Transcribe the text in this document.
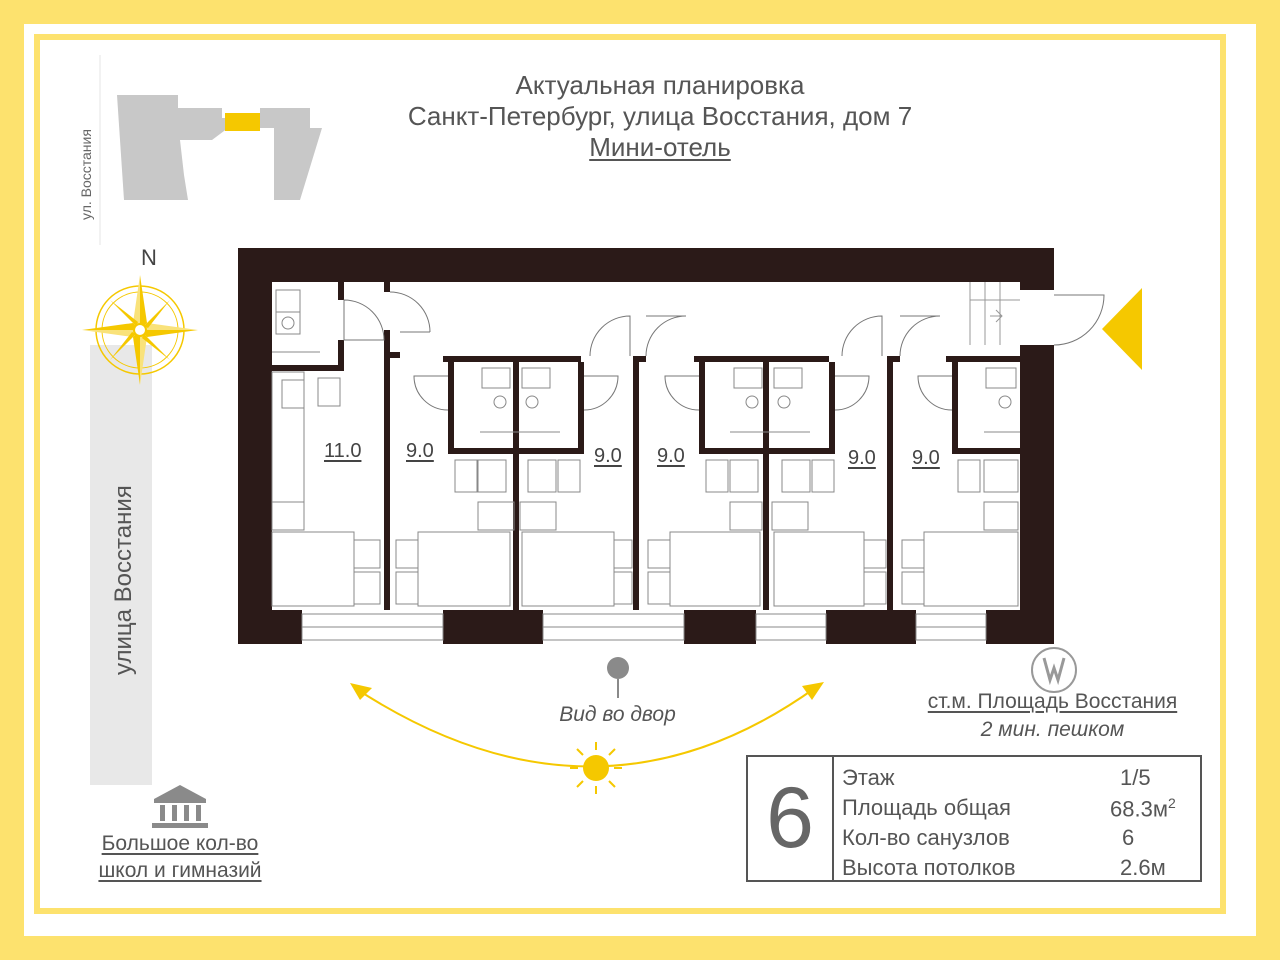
Актуальная планировка
Санкт-Петербург, улица Восстания, дом 7
Мини-отель
ул. Восстания
улица Восстания
N
11.0 9.0	9.0 9.0	9.0 9.0
Вид во двор
ст.м. Площадь Восстания
2 мин. пешком
Большое кол-во
школ и гимназий
6	Этаж	1/5
Площадь общая	$68.3м^2$
Кол-во санузлов	6
Высота потолков	2.6м
